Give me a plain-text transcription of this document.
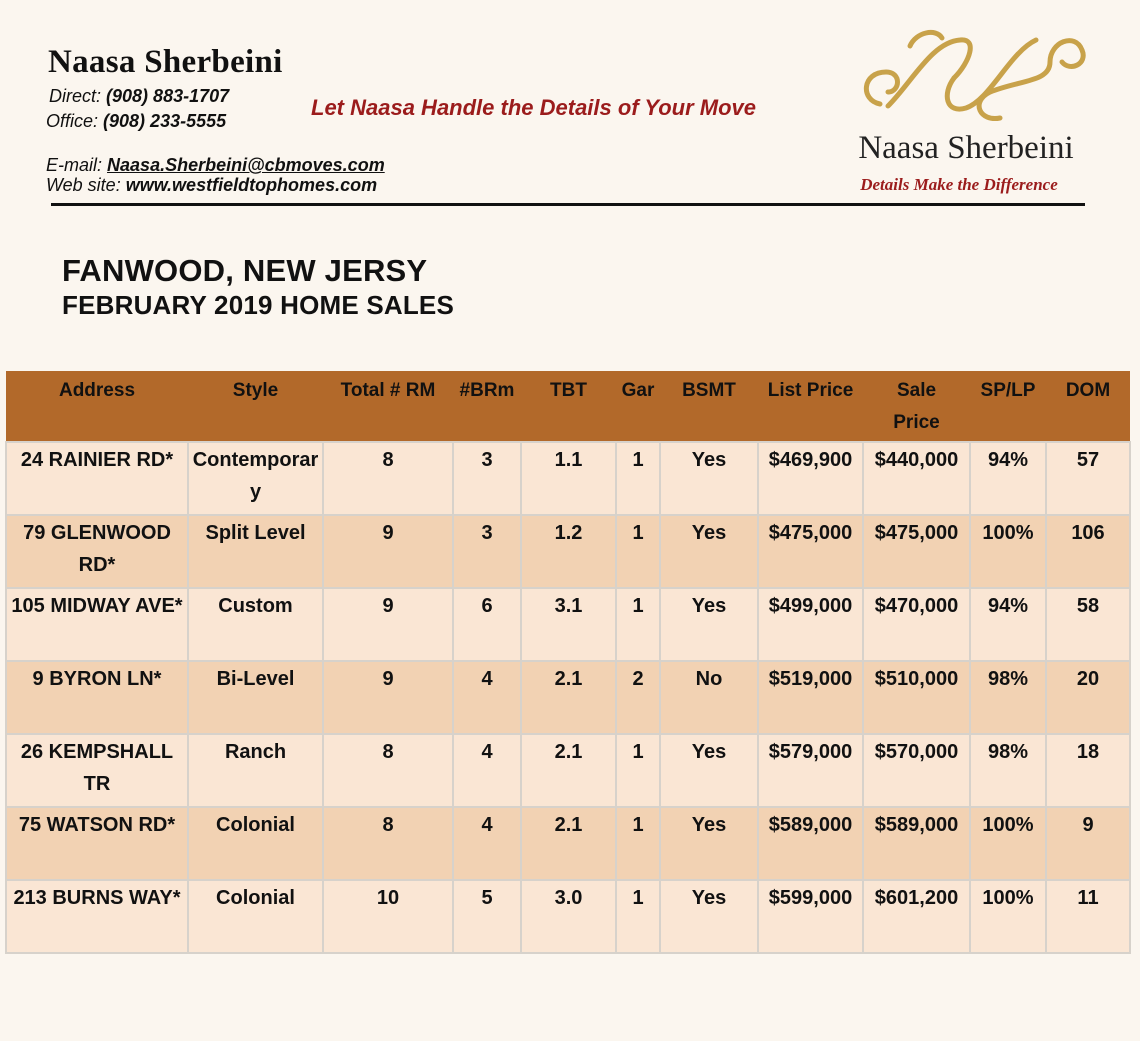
Naasa Sherbeini
Direct: (908) 883-1707
Office: (908) 233-5555
E-mail: Naasa.Sherbeini@cbmoves.com
Web site: www.westfieldtophomes.com
Let Naasa Handle the Details of Your Move
Naasa Sherbeini
Details Make the Difference
FANWOOD, NEW JERSY
FEBRUARY 2019 HOME SALES
Address	Style	Total # RM	#BRm	TBT	Gar	BSMT	List Price	Sale Price	SP/LP	DOM
24 RAINIER RD*	Contemporary	8	3	1.1	1	Yes	$469,900	$440,000	94%	57
79 GLENWOOD RD*	Split Level	9	3	1.2	1	Yes	$475,000	$475,000	100%	106
105 MIDWAY AVE*	Custom	9	6	3.1	1	Yes	$499,000	$470,000	94%	58
9 BYRON LN*	Bi-Level	9	4	2.1	2	No	$519,000	$510,000	98%	20
26 KEMPSHALL TR	Ranch	8	4	2.1	1	Yes	$579,000	$570,000	98%	18
75 WATSON RD*	Colonial	8	4	2.1	1	Yes	$589,000	$589,000	100%	9
213 BURNS WAY*	Colonial	10	5	3.0	1	Yes	$599,000	$601,200	100%	11
